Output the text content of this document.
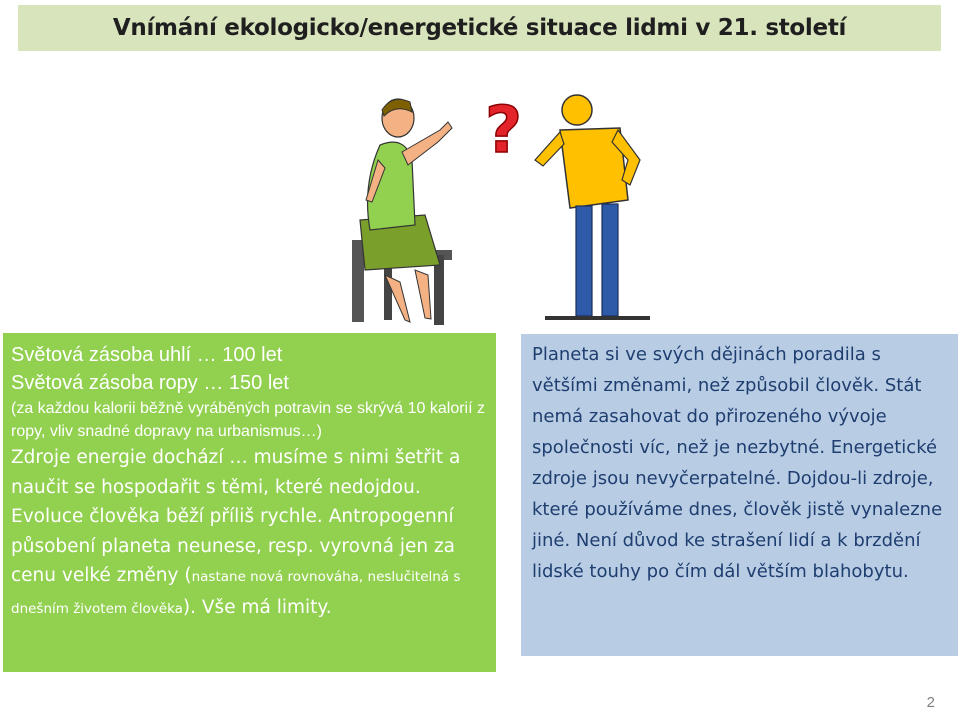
Vnímání ekologicko/energetické situace lidmi v 21. století
?

Světová zásoba uhlí … 100 let

Světová zásoba ropy … 150 let

(za každou kalorii běžně vyráběných potravin se skrývá 10 kalorií z ropy, vliv snadné dopravy na urbanismus…)

Zdroje energie dochází … musíme s nimi šetřit a naučit se hospodařit s těmi, které nedojdou. Evoluce člověka běží příliš rychle. Antropogenní působení planeta neunese, resp. vyrovná jen za cenu velké změny (nastane nová rovnováha, neslučitelná s dnešním životem člověka). Vše má limity.

Planeta si ve svých dějinách poradila s většími změnami, než způsobil člověk. Stát nemá zasahovat do přirozeného vývoje společnosti víc, než je nezbytné. Energetické zdroje jsou nevyčerpatelné. Dojdou-li zdroje, které používáme dnes, člověk jistě vynalezne jiné. Není důvod ke strašení lidí a k brzdění lidské touhy po čím dál větším blahobytu.

2
